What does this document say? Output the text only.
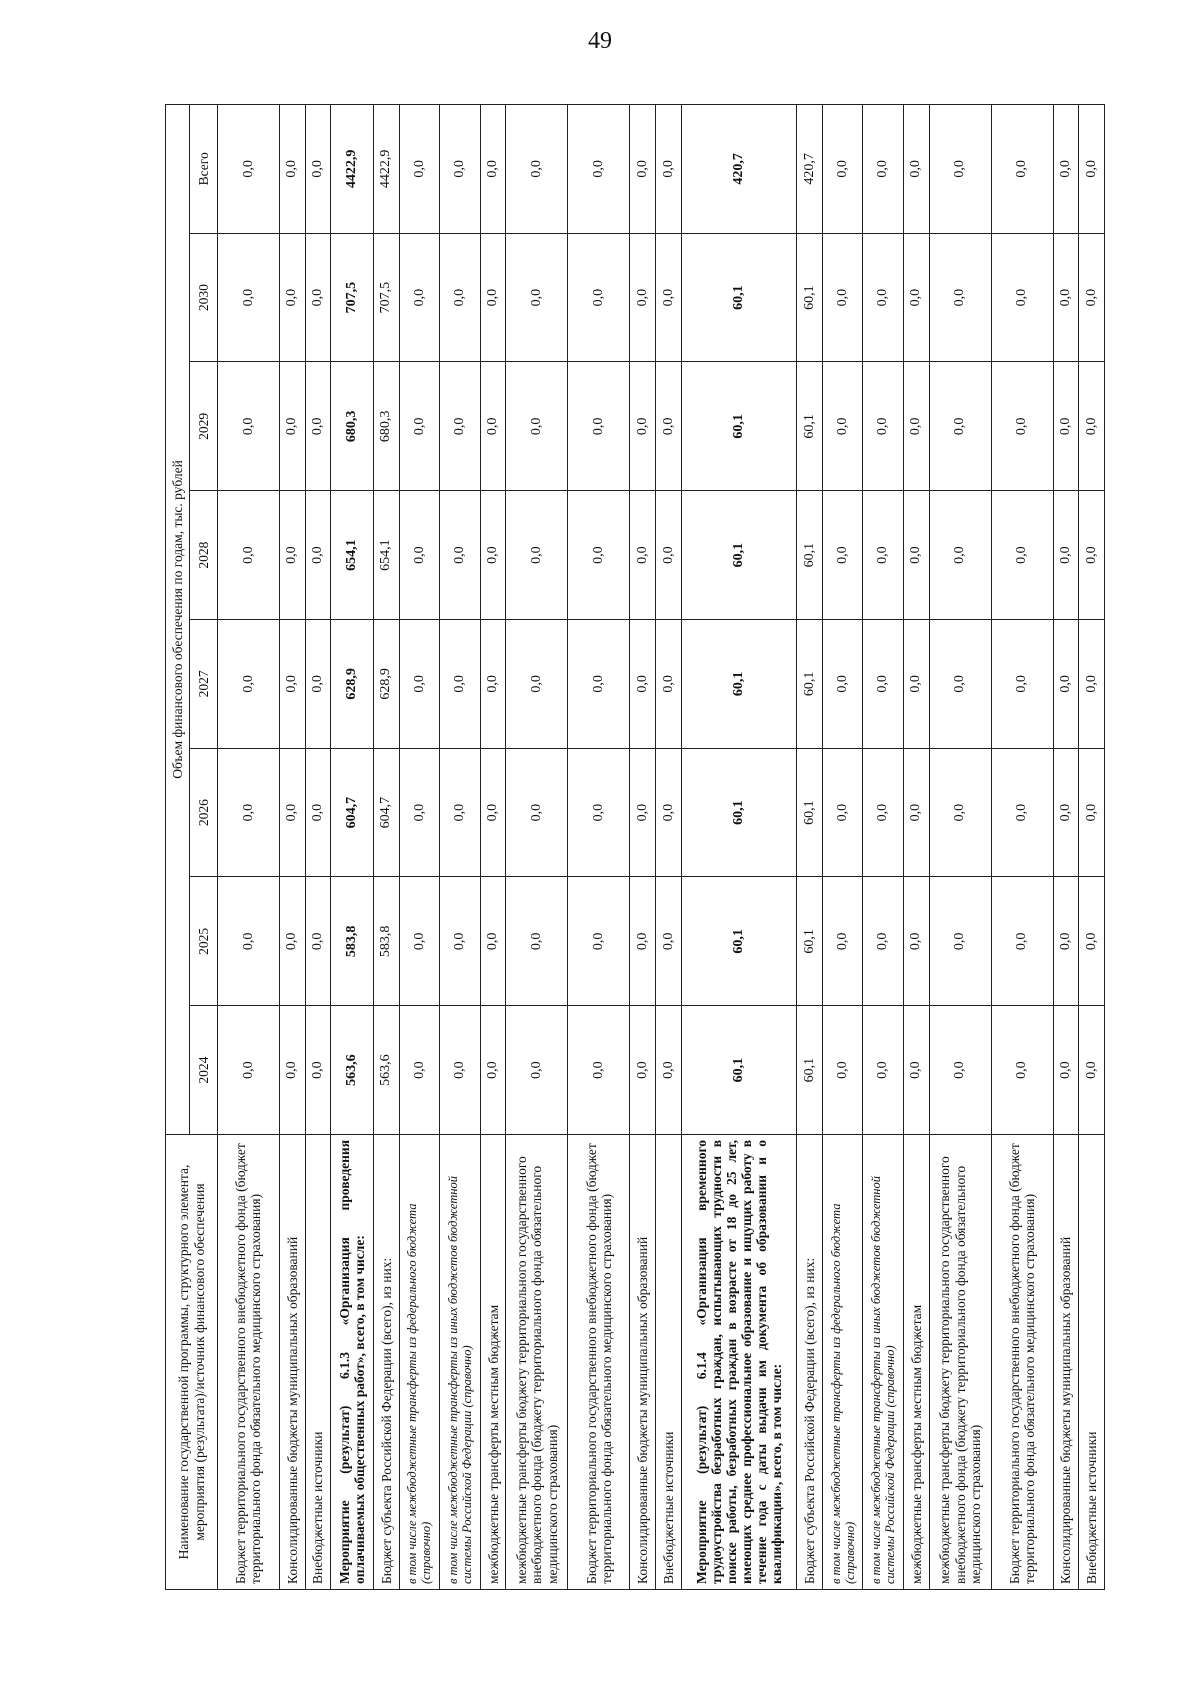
49
Наименование государственной программы, структурного элемента, мероприятия (результата)/источник финансового обеспечения	Объем финансового обеспечения по годам, тыс. рублей							
	2024	2025	2026	2027	2028	2029	2030	Всего
Бюджет территориального государственного внебюджетного фонда (бюджет территориального фонда обязательного медицинского страхования)	0,0	0,0	0,0	0,0	0,0	0,0	0,0	0,0
Консолидированные бюджеты муниципальных образований	0,0	0,0	0,0	0,0	0,0	0,0	0,0	0,0
Внебюджетные источники	0,0	0,0	0,0	0,0	0,0	0,0	0,0	0,0
Мероприятие (результат) 6.1.3 «Организация проведения оплачиваемых общественных работ», всего, в том числе:	563,6	583,8	604,7	628,9	654,1	680,3	707,5	4422,9
Бюджет субъекта Российской Федерации (всего), из них:	563,6	583,8	604,7	628,9	654,1	680,3	707,5	4422,9
в том числе межбюджетные трансферты из федерального бюджета (справочно)	0,0	0,0	0,0	0,0	0,0	0,0	0,0	0,0
в том числе межбюджетные трансферты из иных бюджетов бюджетной системы Российской Федерации (справочно)	0,0	0,0	0,0	0,0	0,0	0,0	0,0	0,0
межбюджетные трансферты местным бюджетам	0,0	0,0	0,0	0,0	0,0	0,0	0,0	0,0
межбюджетные трансферты бюджету территориального государственного внебюджетного фонда (бюджету территориального фонда обязательного медицинского страхования)	0,0	0,0	0,0	0,0	0,0	0,0	0,0	0,0
Бюджет территориального государственного внебюджетного фонда (бюджет территориального фонда обязательного медицинского страхования)	0,0	0,0	0,0	0,0	0,0	0,0	0,0	0,0
Консолидированные бюджеты муниципальных образований	0,0	0,0	0,0	0,0	0,0	0,0	0,0	0,0
Внебюджетные источники	0,0	0,0	0,0	0,0	0,0	0,0	0,0	0,0
Мероприятие (результат) 6.1.4 «Организация временного трудоустройства безработных граждан, испытывающих трудности в поиске работы, безработных граждан в возрасте от 18 до 25 лет, имеющих среднее профессиональное образование и ищущих работу в течение года с даты выдачи им документа об образовании и о квалификации», всего, в том числе:	60,1	60,1	60,1	60,1	60,1	60,1	60,1	420,7
Бюджет субъекта Российской Федерации (всего), из них:	60,1	60,1	60,1	60,1	60,1	60,1	60,1	420,7
в том числе межбюджетные трансферты из федерального бюджета (справочно)	0,0	0,0	0,0	0,0	0,0	0,0	0,0	0,0
в том числе межбюджетные трансферты из иных бюджетов бюджетной системы Российской Федерации (справочно)	0,0	0,0	0,0	0,0	0,0	0,0	0,0	0,0
межбюджетные трансферты местным бюджетам	0,0	0,0	0,0	0,0	0,0	0,0	0,0	0,0
межбюджетные трансферты бюджету территориального государственного внебюджетного фонда (бюджету территориального фонда обязательного медицинского страхования)	0,0	0,0	0,0	0,0	0,0	0,0	0,0	0,0
Бюджет территориального государственного внебюджетного фонда (бюджет территориального фонда обязательного медицинского страхования)	0,0	0,0	0,0	0,0	0,0	0,0	0,0	0,0
Консолидированные бюджеты муниципальных образований	0,0	0,0	0,0	0,0	0,0	0,0	0,0	0,0
Внебюджетные источники	0,0	0,0	0,0	0,0	0,0	0,0	0,0	0,0
